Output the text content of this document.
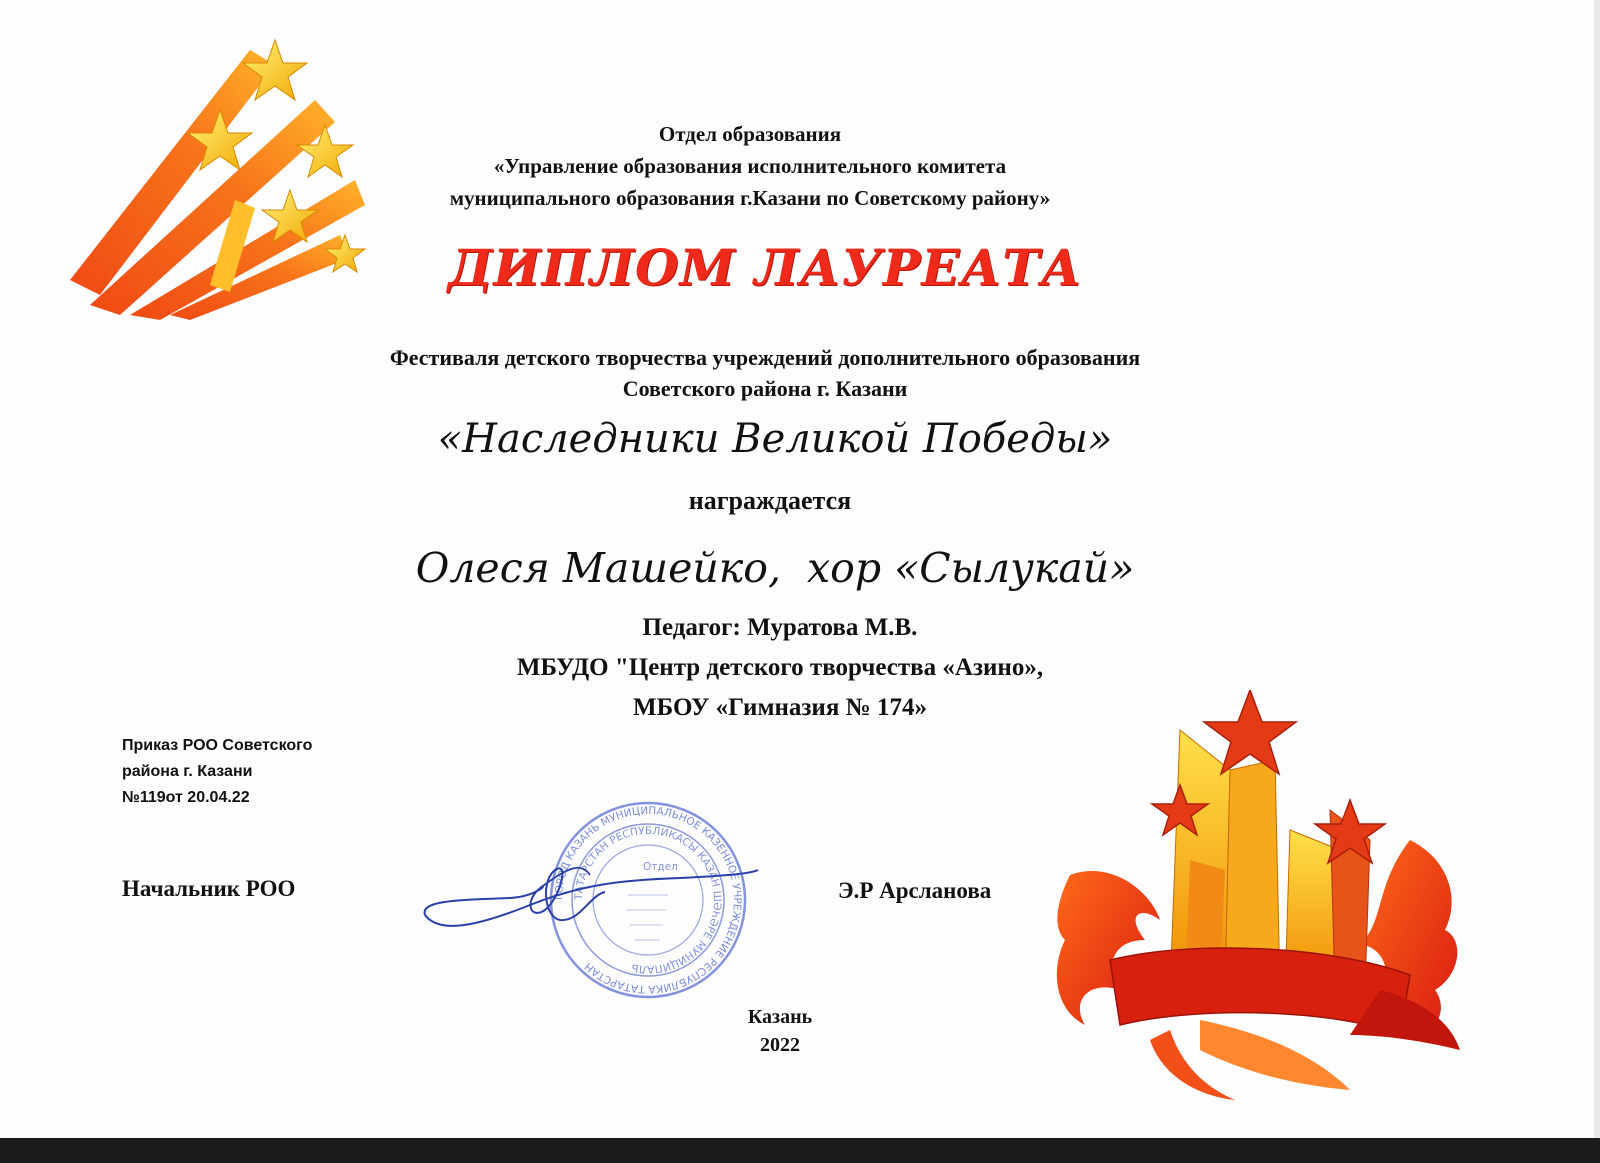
Отдел образования
«Управление образования исполнительного комитета
муниципального образования г.Казани по Советскому району»
ДИПЛОМ ЛАУРЕАТА
Фестиваля детского творчества учреждений дополнительного образования
Советского района г. Казани
«Наследники Великой Победы»
награждается
Олеся Машейко,  хор «Сылукай»
Педагог: Муратова М.В.
МБУДО "Центр детского творчества «Азино»,
МБОУ «Гимназия № 174»
Приказ РОО Советского
района г. Казани
№119от 20.04.22
Начальник РОО	Э.Р Арсланова
ГОРОД КАЗАНЬ МУНИЦИПАЛЬНОЕ КАЗЕННОЕ УЧРЕЖДЕНИЕ РЕСПУБЛИКА ТАТАРСТАН
ТАТАРСТАН РЕСПУБЛИКАСЫ КАЗАН ШӘҺӘРЕ МУНИЦИПАЛЬ
Отдел
Казань
2022
